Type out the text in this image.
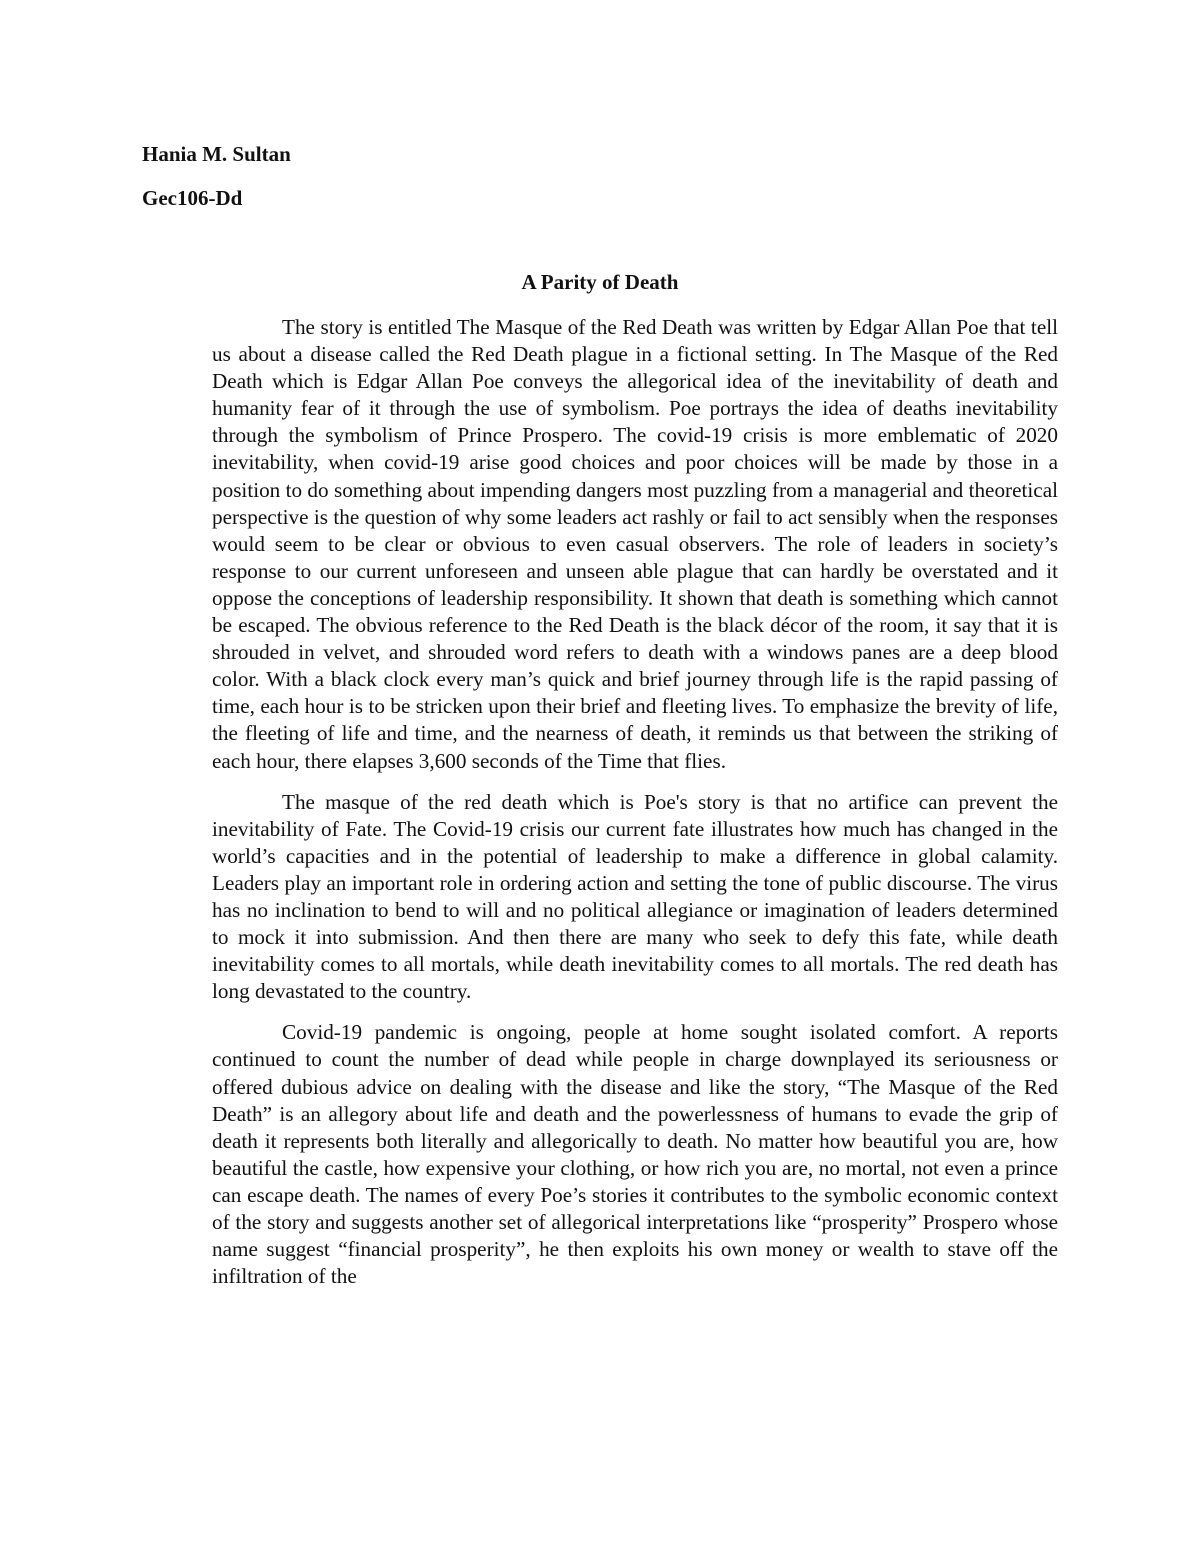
Hania M. Sultan

Gec106-Dd

A Parity of Death

The story is entitled The Masque of the Red Death was written by Edgar Allan Poe that tell us about a disease called the Red Death plague in a fictional setting. In The Masque of the Red Death which is Edgar Allan Poe conveys the allegorical idea of the inevitability of death and humanity fear of it through the use of symbolism. Poe portrays the idea of deaths inevitability through the symbolism of Prince Prospero. The covid-19 crisis is more emblematic of 2020 inevitability, when covid-19 arise good choices and poor choices will be made by those in a position to do something about impending dangers most puzzling from a managerial and theoretical perspective is the question of why some leaders act rashly or fail to act sensibly when the responses would seem to be clear or obvious to even casual observers. The role of leaders in society’s response to our current unforeseen and unseen able plague that can hardly be overstated and it oppose the conceptions of leadership responsibility. It shown that death is something which cannot be escaped. The obvious reference to the Red Death is the black décor of the room, it say that it is shrouded in velvet, and shrouded word refers to death with a windows panes are a deep blood color. With a black clock every man’s quick and brief journey through life is the rapid passing of time, each hour is to be stricken upon their brief and fleeting lives. To emphasize the brevity of life, the fleeting of life and time, and the nearness of death, it reminds us that between the striking of each hour, there elapses 3,600 seconds of the Time that flies.

The masque of the red death which is Poe's story is that no artifice can prevent the inevitability of Fate. The Covid-19 crisis our current fate illustrates how much has changed in the world’s capacities and in the potential of leadership to make a difference in global calamity. Leaders play an important role in ordering action and setting the tone of public discourse. The virus has no inclination to bend to will and no political allegiance or imagination of leaders determined to mock it into submission. And then there are many who seek to defy this fate, while death inevitability comes to all mortals, while death inevitability comes to all mortals. The red death has long devastated to the country.

Covid-19 pandemic is ongoing, people at home sought isolated comfort. A reports continued to count the number of dead while people in charge downplayed its seriousness or offered dubious advice on dealing with the disease and like the story, “The Masque of the Red Death” is an allegory about life and death and the powerlessness of humans to evade the grip of death it represents both literally and allegorically to death. No matter how beautiful you are, how beautiful the castle, how expensive your clothing, or how rich you are, no mortal, not even a prince can escape death. The names of every Poe’s stories it contributes to the symbolic economic context of the story and suggests another set of allegorical interpretations like “prosperity” Prospero whose name suggest “financial prosperity”, he then exploits his own money or wealth to stave off the infiltration of the
